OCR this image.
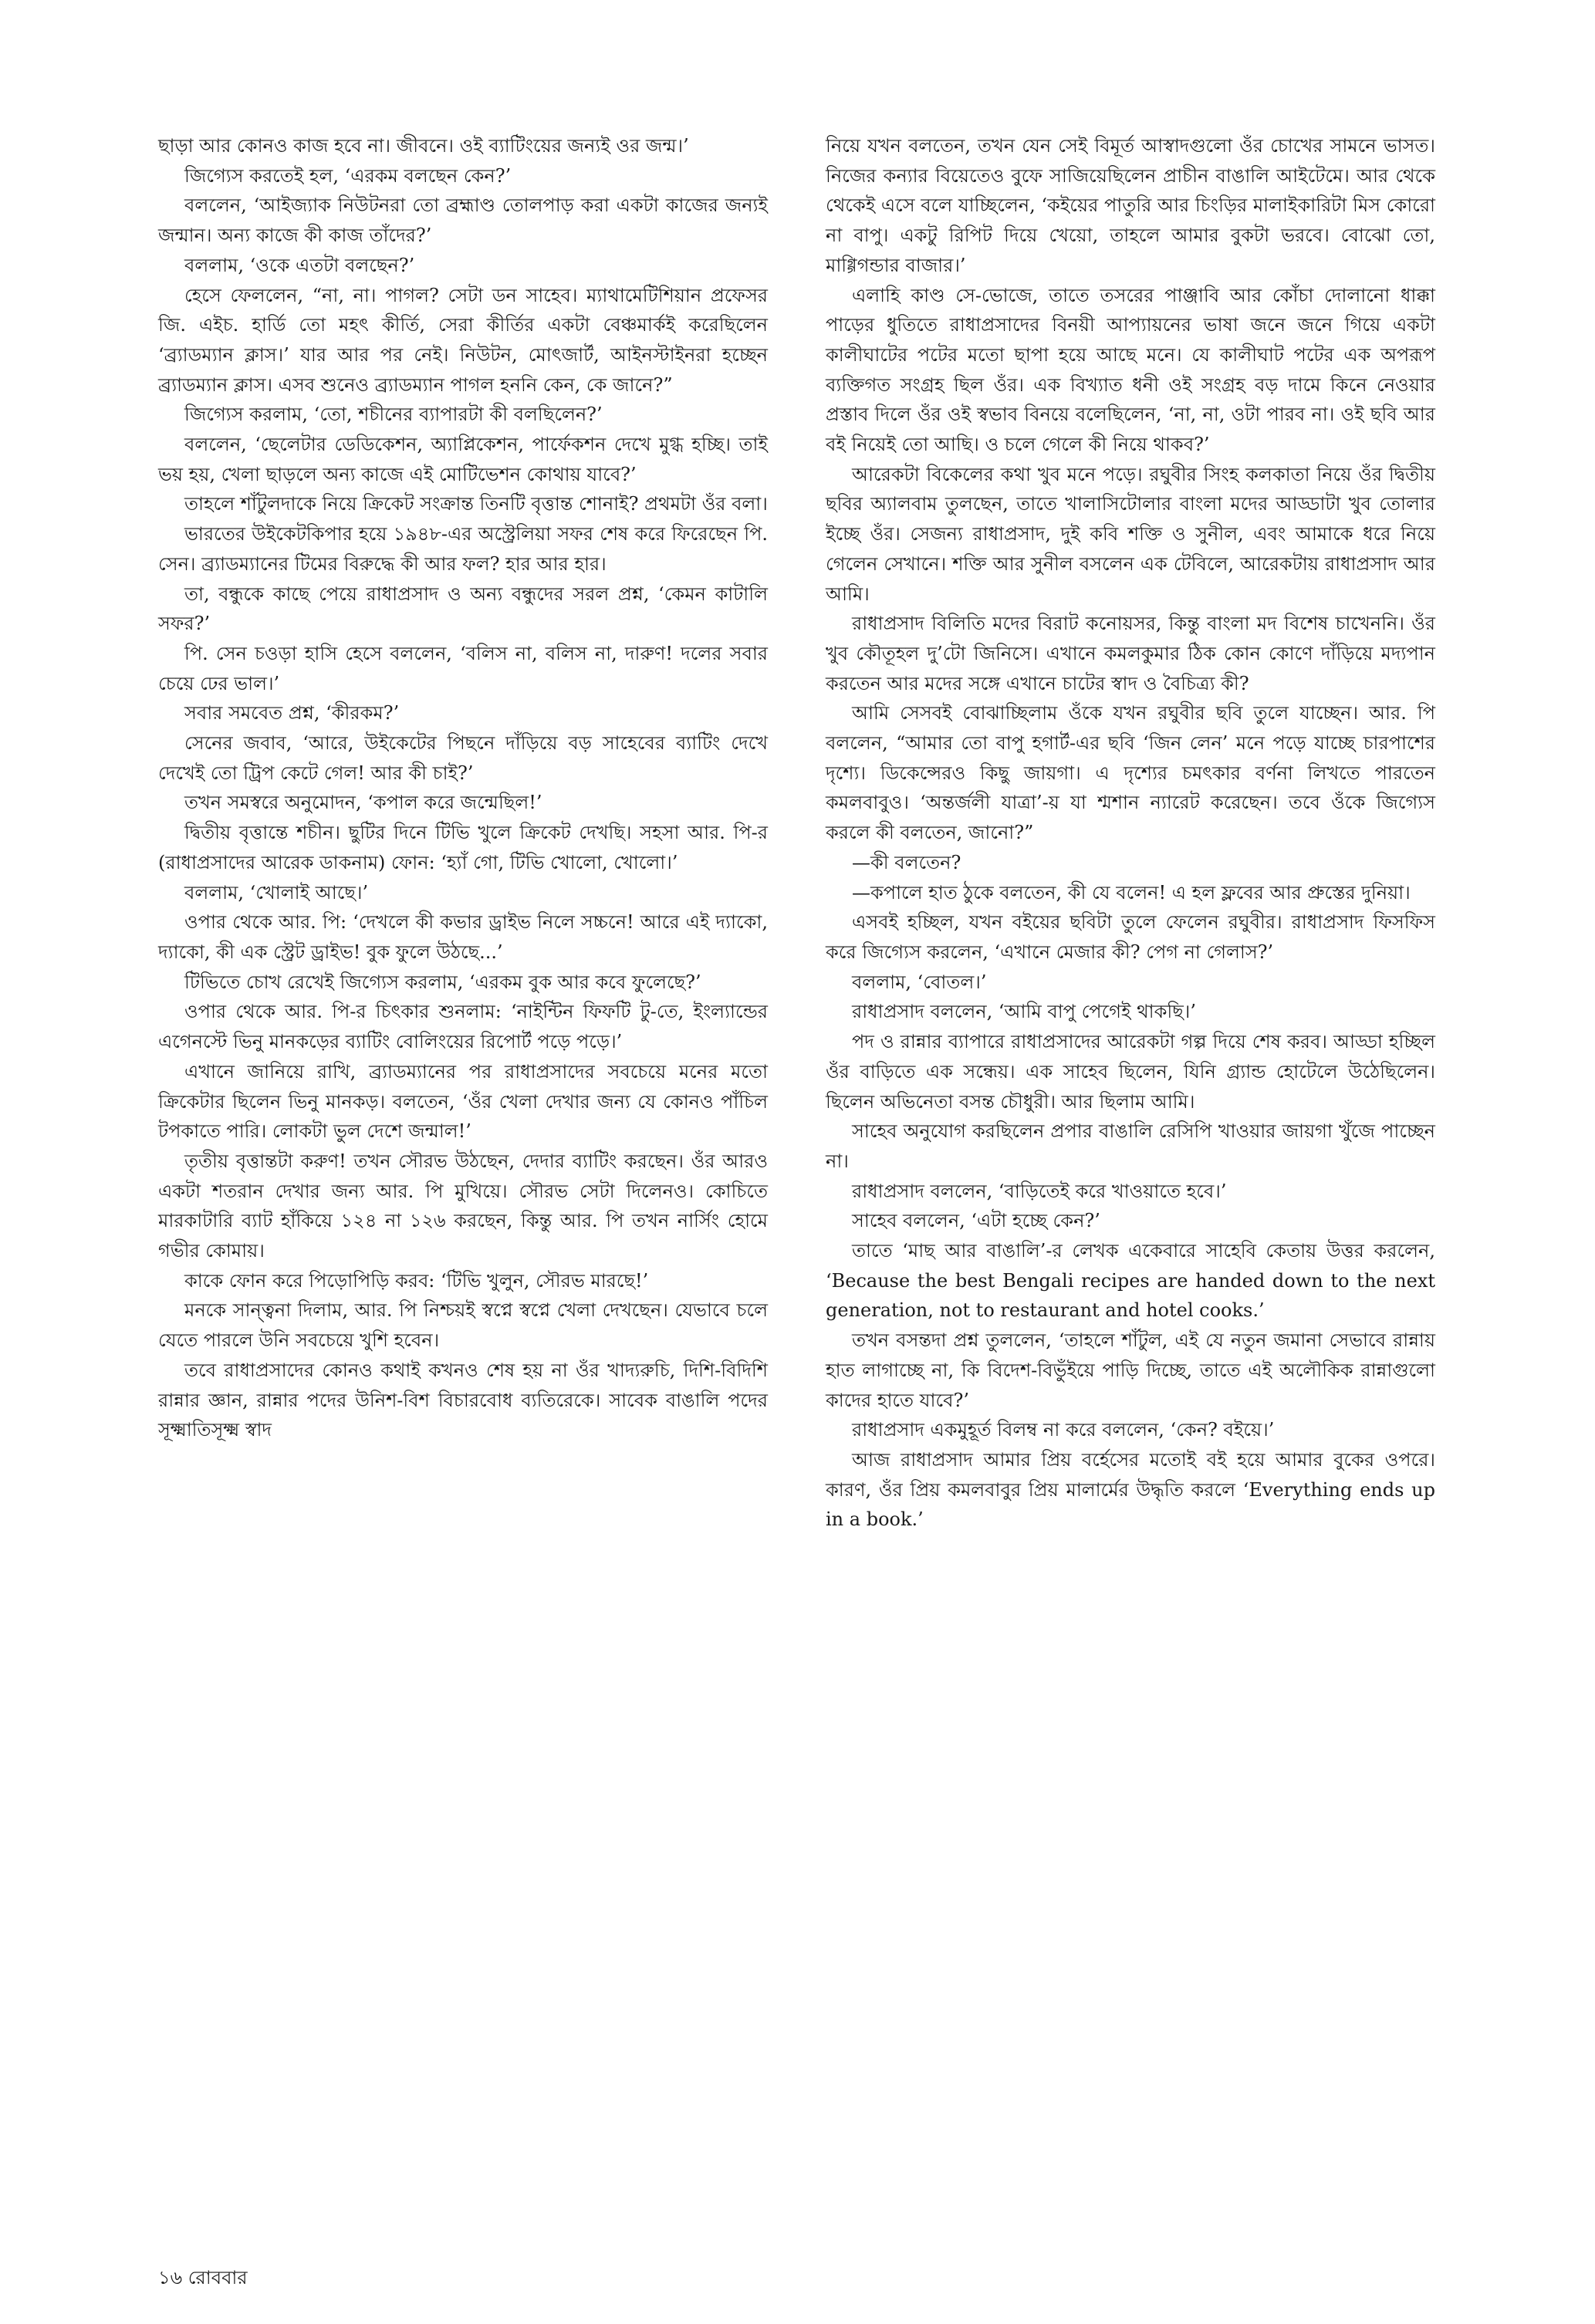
ছাড়া আর কোনও কাজ হবে না। জীবনে। ওই ব্যাটিংয়ের জন্যই ওর জন্ম।’

জিগ্যেস করতেই হল, ‘এরকম বলছেন কেন?’

বললেন, ‘আইজ্যাক নিউটনরা তো ব্রহ্মাণ্ড তোলপাড় করা একটা কাজের জন্যই জন্মান। অন্য কাজে কী কাজ তাঁদের?’

বললাম, ‘ওকে এতটা বলছেন?’

হেসে ফেললেন, “না, না। পাগল? সেটা ডন সাহেব। ম্যাথামেটিশিয়ান প্রফেসর জি. এইচ. হার্ডি তো মহৎ কীর্তি, সেরা কীর্তির একটা বেঞ্চমার্কই করেছিলেন ‘ব্র্যাডম্যান ক্লাস।’ যার আর পর নেই। নিউটন, মোৎজার্ট, আইনস্টাইনরা হচ্ছেন ব্র্যাডম্যান ক্লাস। এসব শুনেও ব্র্যাডম্যান পাগল হননি কেন, কে জানে?”

জিগ্যেস করলাম, ‘তো, শচীনের ব্যাপারটা কী বলছিলেন?’

বললেন, ‘ছেলেটার ডেডিকেশন, অ্যাপ্লিকেশন, পার্ফেকশন দেখে মুগ্ধ হচ্ছি। তাই ভয় হয়, খেলা ছাড়লে অন্য কাজে এই মোটিভেশন কোথায় যাবে?’

তাহলে শাঁটুলদাকে নিয়ে ক্রিকেট সংক্রান্ত তিনটি বৃত্তান্ত শোনাই? প্রথমটা ওঁর বলা।

ভারতের উইকেটকিপার হয়ে ১৯৪৮-এর অস্ট্রেলিয়া সফর শেষ করে ফিরেছেন পি. সেন। ব্র্যাডম্যানের টিমের বিরুদ্ধে কী আর ফল? হার আর হার।

তা, বন্ধুকে কাছে পেয়ে রাধাপ্রসাদ ও অন্য বন্ধুদের সরল প্রশ্ন, ‘কেমন কাটালি সফর?’

পি. সেন চওড়া হাসি হেসে বললেন, ‘বলিস না, বলিস না, দারুণ! দলের সবার চেয়ে ঢের ভাল।’

সবার সমবেত প্রশ্ন, ‘কীরকম?’

সেনের জবাব, ‘আরে, উইকেটের পিছনে দাঁড়িয়ে বড় সাহেবের ব্যাটিং দেখে দেখেই তো ট্রিপ কেটে গেল! আর কী চাই?’

তখন সমস্বরে অনুমোদন, ‘কপাল করে জন্মেছিল!’

দ্বিতীয় বৃত্তান্তে শচীন। ছুটির দিনে টিভি খুলে ক্রিকেট দেখছি। সহসা আর. পি-র (রাধাপ্রসাদের আরেক ডাকনাম) ফোন: ‘হ্যাঁ গো, টিভি খোলো, খোলো।’

বললাম, ‘খোলাই আছে।’

ওপার থেকে আর. পি: ‘দেখলে কী কভার ড্রাইভ নিলে সচ্চনে! আরে এই দ্যাকো, দ্যাকো, কী এক স্ট্রেট ড্রাইভ! বুক ফুলে উঠছে...’

টিভিতে চোখ রেখেই জিগ্যেস করলাম, ‘এরকম বুক আর কবে ফুলেছে?’

ওপার থেকে আর. পি-র চিৎকার শুনলাম: ‘নাইন্টিন ফিফটি টু-তে, ইংল্যান্ডের এগেনস্টে ভিনু মানকড়ের ব্যাটিং বোলিংয়ের রিপোর্ট পড়ে পড়ে।’

এখানে জানিয়ে রাখি, ব্র্যাডম্যানের পর রাধাপ্রসাদের সবচেয়ে মনের মতো ক্রিকেটার ছিলেন ভিনু মানকড়। বলতেন, ‘ওঁর খেলা দেখার জন্য যে কোনও পাঁচিল টপকাতে পারি। লোকটা ভুল দেশে জন্মাল!’

তৃতীয় বৃত্তান্তটা করুণ! তখন সৌরভ উঠছেন, দেদার ব্যাটিং করছেন। ওঁর আরও একটা শতরান দেখার জন্য আর. পি মুখিয়ে। সৌরভ সেটা দিলেনও। কোচিতে মারকাটারি ব্যাট হাঁকিয়ে ১২৪ না ১২৬ করছেন, কিন্তু আর. পি তখন নার্সিং হোমে গভীর কোমায়।

কাকে ফোন করে পিড়োপিড়ি করব: ‘টিভি খুলুন, সৌরভ মারছে!’

মনকে সান্ত্বনা দিলাম, আর. পি নিশ্চয়ই স্বপ্নে স্বপ্নে খেলা দেখছেন। যেভাবে চলে যেতে পারলে উনি সবচেয়ে খুশি হবেন।

তবে রাধাপ্রসাদের কোনও কথাই কখনও শেষ হয় না ওঁর খাদ্যরুচি, দিশি-বিদিশি রান্নার জ্ঞান, রান্নার পদের উনিশ-বিশ বিচারবোধ ব্যতিরেকে। সাবেক বাঙালি পদের সূক্ষ্মাতিসূক্ষ্ম স্বাদ

নিয়ে যখন বলতেন, তখন যেন সেই বিমূর্ত আস্বাদগুলো ওঁর চোখের সামনে ভাসত। নিজের কন্যার বিয়েতেও বুফে সাজিয়েছিলেন প্রাচীন বাঙালি আইটেমে। আর থেকে থেকেই এসে বলে যাচ্ছিলেন, ‘কইয়ের পাতুরি আর চিংড়ির মালাইকারিটা মিস কোরো না বাপু। একটু রিপিট দিয়ে খেয়ো, তাহলে আমার বুকটা ভরবে। বোঝো তো, মাগ্গিগন্ডার বাজার।’

এলাহি কাণ্ড সে-ভোজে, তাতে তসরের পাঞ্জাবি আর কোঁচা দোলানো ধাক্কা পাড়ের ধুতিতে রাধাপ্রসাদের বিনয়ী আপ্যায়নের ভাষা জনে জনে গিয়ে একটা কালীঘাটের পটের মতো ছাপা হয়ে আছে মনে। যে কালীঘাট পটের এক অপরূপ ব্যক্তিগত সংগ্রহ ছিল ওঁর। এক বিখ্যাত ধনী ওই সংগ্রহ বড় দামে কিনে নেওয়ার প্রস্তাব দিলে ওঁর ওই স্বভাব বিনয়ে বলেছিলেন, ‘না, না, ওটা পারব না। ওই ছবি আর বই নিয়েই তো আছি। ও চলে গেলে কী নিয়ে থাকব?’

আরেকটা বিকেলের কথা খুব মনে পড়ে। রঘুবীর সিংহ কলকাতা নিয়ে ওঁর দ্বিতীয় ছবির অ্যালবাম তুলছেন, তাতে খালাসিটোলার বাংলা মদের আড্ডাটা খুব তোলার ইচ্ছে ওঁর। সেজন্য রাধাপ্রসাদ, দুই কবি শক্তি ও সুনীল, এবং আমাকে ধরে নিয়ে গেলেন সেখানে। শক্তি আর সুনীল বসলেন এক টেবিলে, আরেকটায় রাধাপ্রসাদ আর আমি।

রাধাপ্রসাদ বিলিতি মদের বিরাট কনোয়সর, কিন্তু বাংলা মদ বিশেষ চাখেননি। ওঁর খুব কৌতূহল দু’টো জিনিসে। এখানে কমলকুমার ঠিক কোন কোণে দাঁড়িয়ে মদ্যপান করতেন আর মদের সঙ্গে এখানে চাটের স্বাদ ও বৈচিত্র্য কী?

আমি সেসবই বোঝাচ্ছিলাম ওঁকে যখন রঘুবীর ছবি তুলে যাচ্ছেন। আর. পি বললেন, “আমার তো বাপু হগার্ট-এর ছবি ‘জিন লেন’ মনে পড়ে যাচ্ছে চারপাশের দৃশ্যে। ডিকেন্সেরও কিছু জায়গা। এ দৃশ্যের চমৎকার বর্ণনা লিখতে পারতেন কমলবাবুও। ‘অন্তর্জলী যাত্রা’-য় যা শ্মশান ন্যারেট করেছেন। তবে ওঁকে জিগ্যেস করলে কী বলতেন, জানো?”

—কী বলতেন?

—কপালে হাত ঠুকে বলতেন, কী যে বলেন! এ হল ফ্লবের আর প্রুস্তের দুনিয়া।

এসবই হচ্ছিল, যখন বইয়ের ছবিটা তুলে ফেলেন রঘুবীর। রাধাপ্রসাদ ফিসফিস করে জিগ্যেস করলেন, ‘এখানে মেজার কী? পেগ না গেলাস?’

বললাম, ‘বোতল।’

রাধাপ্রসাদ বললেন, ‘আমি বাপু পেগেই থাকছি।’

পদ ও রান্নার ব্যাপারে রাধাপ্রসাদের আরেকটা গল্প দিয়ে শেষ করব। আড্ডা হচ্ছিল ওঁর বাড়িতে এক সন্ধেয়। এক সাহেব ছিলেন, যিনি গ্র্যান্ড হোটেলে উঠেছিলেন। ছিলেন অভিনেতা বসন্ত চৌধুরী। আর ছিলাম আমি।

সাহেব অনুযোগ করছিলেন প্রপার বাঙালি রেসিপি খাওয়ার জায়গা খুঁজে পাচ্ছেন না।

রাধাপ্রসাদ বললেন, ‘বাড়িতেই করে খাওয়াতে হবে।’

সাহেব বললেন, ‘এটা হচ্ছে কেন?’

তাতে ‘মাছ আর বাঙালি’-র লেখক একেবারে সাহেবি কেতায় উত্তর করলেন, ‘Because the best Bengali recipes are handed down to the next generation, not to restaurant and hotel cooks.’

তখন বসন্তদা প্রশ্ন তুললেন, ‘তাহলে শাঁটুল, এই যে নতুন জমানা সেভাবে রান্নায় হাত লাগাচ্ছে না, কি বিদেশ-বিভুঁইয়ে পাড়ি দিচ্ছে, তাতে এই অলৌকিক রান্নাগুলো কাদের হাতে যাবে?’

রাধাপ্রসাদ একমুহূর্ত বিলম্ব না করে বললেন, ‘কেন? বইয়ে।’

আজ রাধাপ্রসাদ আমার প্রিয় বর্হেসের মতোই বই হয়ে আমার বুকের ওপরে। কারণ, ওঁর প্রিয় কমলবাবুর প্রিয় মালার্মের উদ্ধৃতি করলে ‘Everything ends up in a book.’

১৬ রোববার
